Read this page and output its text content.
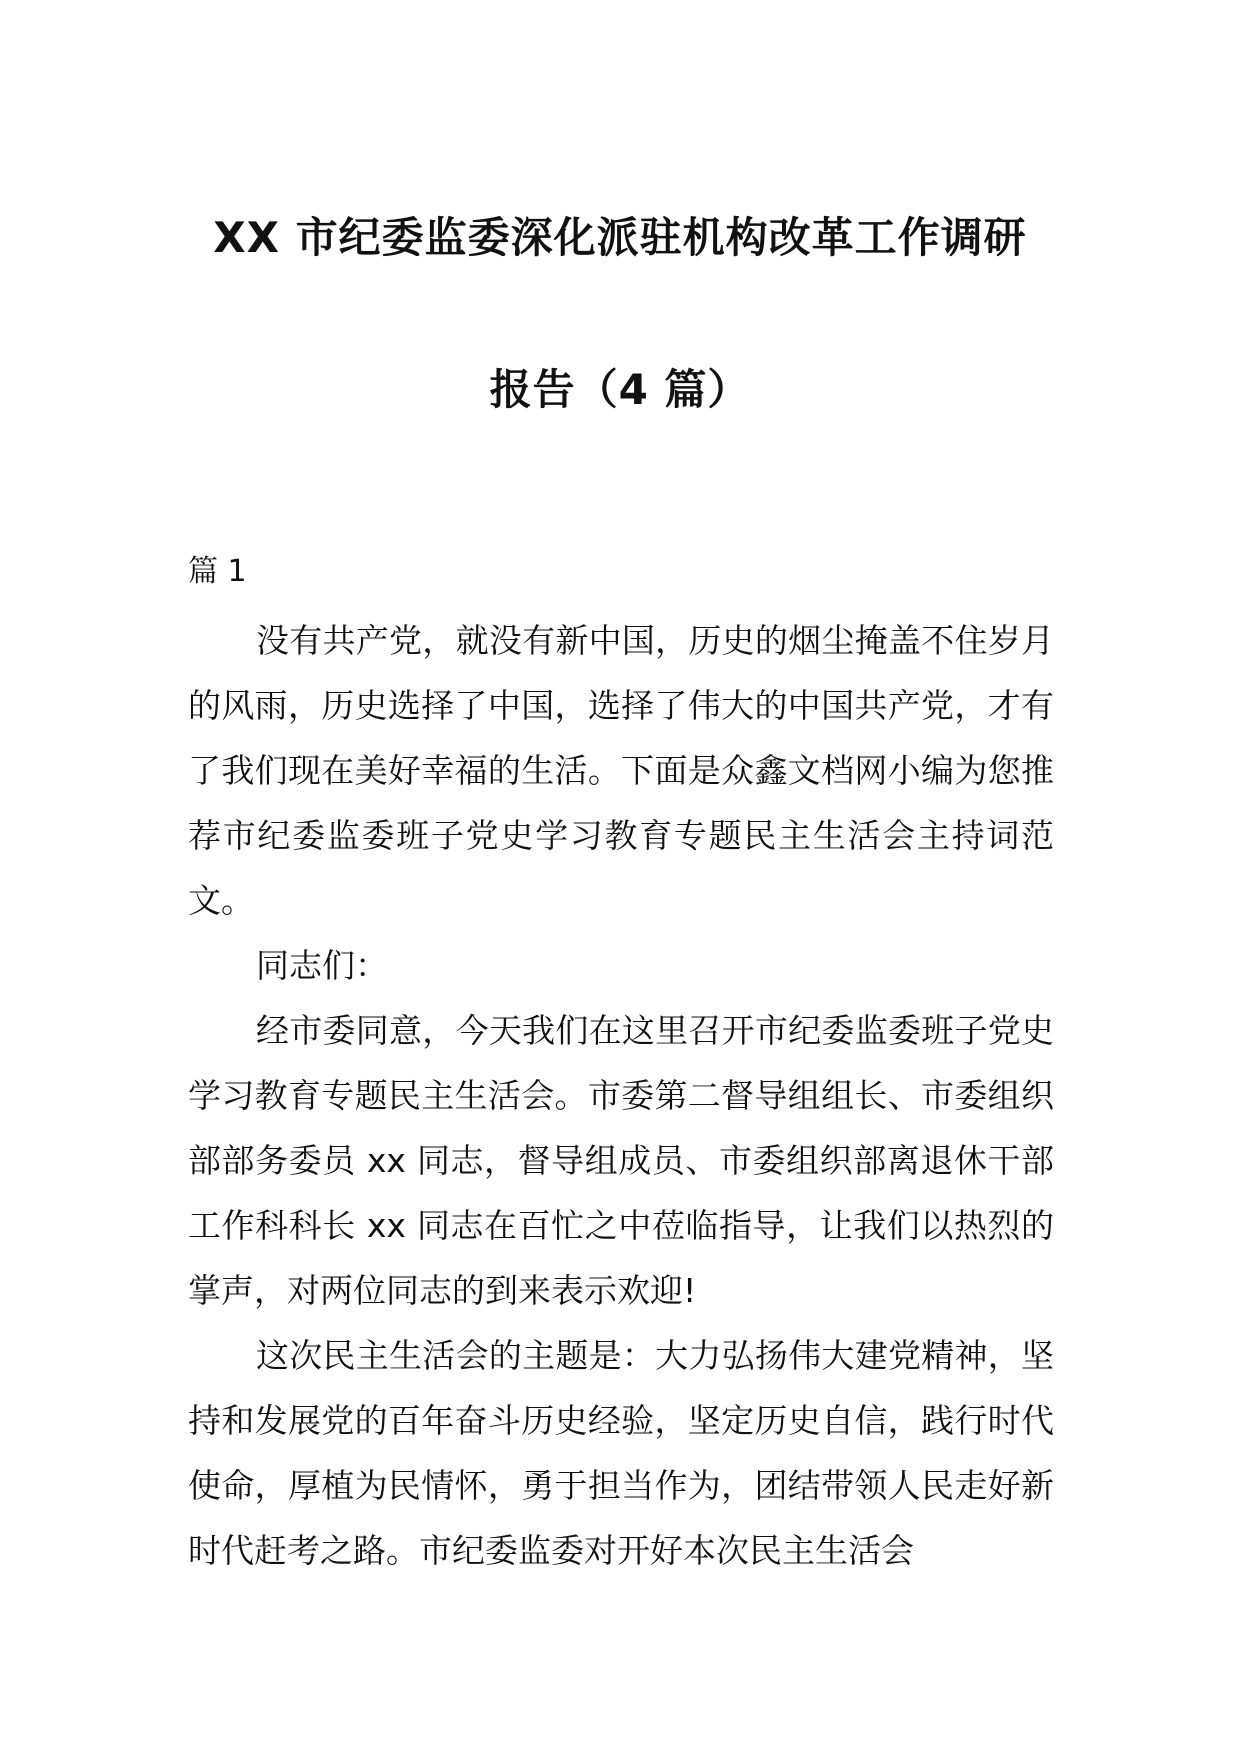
XX 市纪委监委深化派驻机构改革工作调研
报告（4 篇）
篇 1

没有共产党，就没有新中国，历史的烟尘掩盖不住岁月的风雨，历史选择了中国，选择了伟大的中国共产党，才有了我们现在美好幸福的生活。下面是众鑫文档网小编为您推荐市纪委监委班子党史学习教育专题民主生活会主持词范文。

同志们：

经市委同意，今天我们在这里召开市纪委监委班子党史学习教育专题民主生活会。市委第二督导组组长、市委组织部部务委员 xx 同志，督导组成员、市委组织部离退休干部工作科科长 xx 同志在百忙之中莅临指导，让我们以热烈的掌声，对两位同志的到来表示欢迎!

这次民主生活会的主题是：大力弘扬伟大建党精神，坚持和发展党的百年奋斗历史经验，坚定历史自信，践行时代使命，厚植为民情怀，勇于担当作为，团结带领人民走好新时代赶考之路。市纪委监委对开好本次民主生活会
